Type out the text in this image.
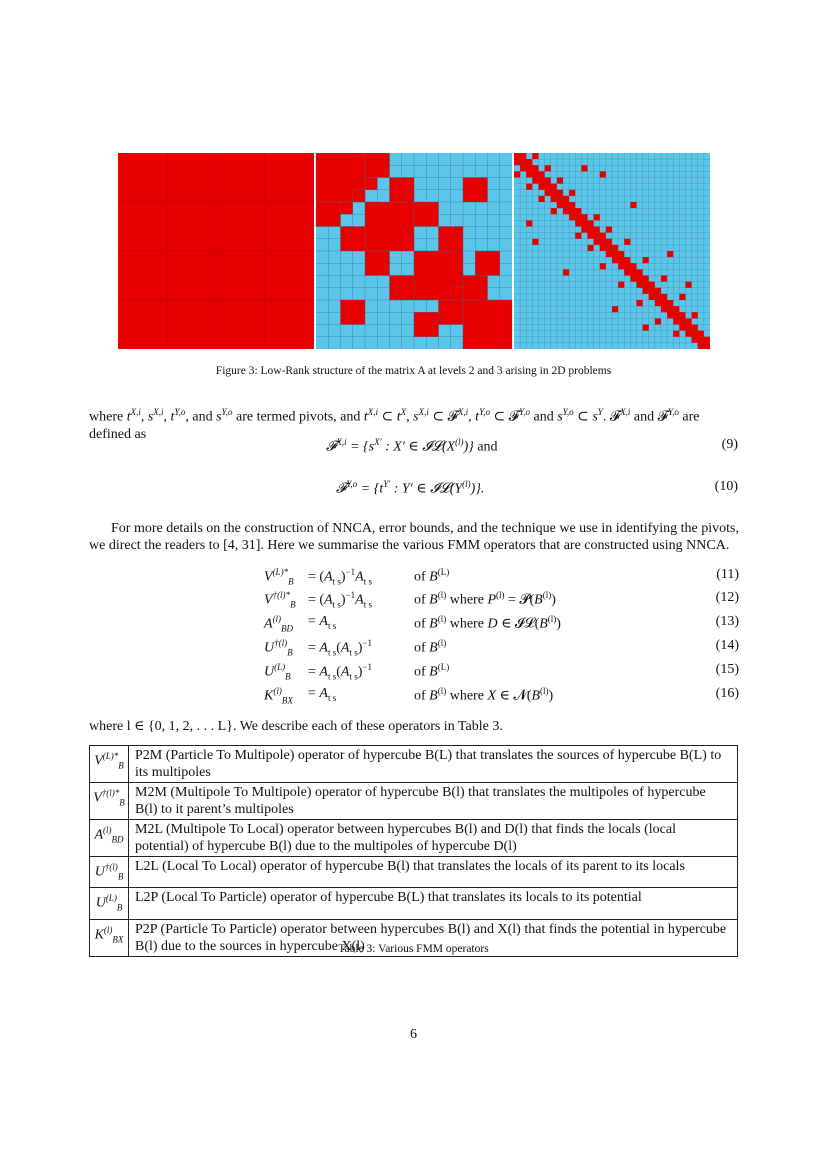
Figure 3: Low-Rank structure of the matrix A at levels 2 and 3 arising in 2D problems
where $t^{X,i}$, $s^{X,i}$, $t^{Y,o}$, and $s^{Y,o}$ are termed pivots, and $t^{X,i}$ ⊂ $t^X$, $s^{X,i}$ ⊂ 𝓕$^{X,i}$, $t^{Y,o}$ ⊂ 𝓕$^{Y,o}$ and $s^{Y,o}$ ⊂ $s^Y$. 𝓕$^{X,i}$ and 𝓕$^{Y,o}$ are
defined as
𝓕$^{X,i}$ = {$s^{X'}$ : X′ ∈ $𝓘𝓛(X^{(l)})$} and	(9)
𝓕$^{Y,o}$ = {$t^{Y'}$ : Y′ ∈ $𝓘𝓛(Y^{(l)})$}.	(10)
For more details on the construction of NNCA, error bounds, and the technique we use in identifying the pivots, we direct the readers to [4, 31]. Here we summarise the various FMM operators that are constructed using NNCA.
$V^{(L)*}_B = (A_{t s})^{-1}A_{t s}$	of $B^{(L)}$	(11)
$V^{\dagger(l)*}_B = (A_{t s})^{-1}A_{t s}$	of $B^{(l)}$ where $P^{(l)}$ = $𝓟(B^{(l)})$	(12)
$A^{(l)}_{BD} = A_{t s}$	of $B^{(l)}$ where D ∈ $𝓘𝓛(B^{(l)})$	(13)
$U^{\dagger(l)}_B = A_{t s}(A_{t s})^{-1}$	of $B^{(l)}$	(14)
$U^{(L)}_B = A_{t s}(A_{t s})^{-1}$	of $B^{(L)}$	(15)
$K^{(l)}_{BX} = A_{t s}$	of $B^{(l)}$ where X ∈ $𝓝(B^{(l)})$	(16)
where l ∈ {0, 1, 2, . . . L}. We describe each of these operators in Table 3.
$V^{(L)*}_B$	P2M (Particle To Multipole) operator of hypercube B(L) that translates the sources of hypercube B(L) to its multipoles
$V^{\dagger(l)*}_B$	M2M (Multipole To Multipole) operator of hypercube B(l) that translates the multipoles of hypercube B(l) to it parent’s multipoles
$A^{(l)}_{BD}$	M2L (Multipole To Local) operator between hypercubes B(l) and D(l) that finds the locals (local potential) of hypercube B(l) due to the multipoles of hypercube D(l)
$U^{\dagger(l)}_B$	L2L (Local To Local) operator of hypercube B(l) that translates the locals of its parent to its locals
$U^{(L)}_B$	L2P (Local To Particle) operator of hypercube B(L) that translates its locals to its potential
$K^{(l)}_{BX}$	P2P (Particle To Particle) operator between hypercubes B(l) and X(l) that finds the potential in hypercube B(l) due to the sources in hypercube X(l)
Table 3: Various FMM operators
6
